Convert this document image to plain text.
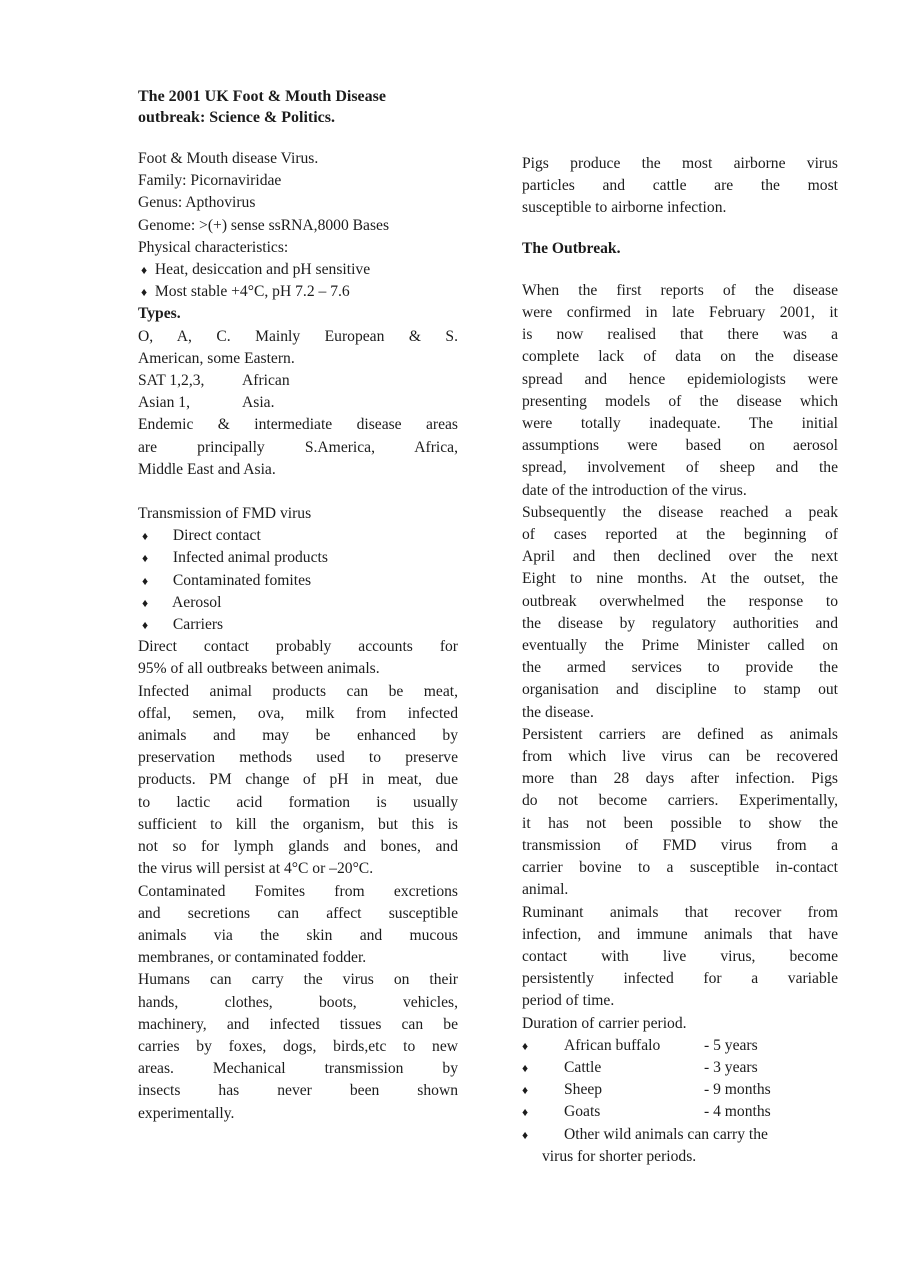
The 2001 UK Foot & Mouth Disease
outbreak: Science & Politics.
Foot & Mouth disease Virus.
Family: Picornaviridae
Genus: Apthovirus
Genome: >(+) sense ssRNA,8000 Bases
Physical characteristics:
♦ Heat, desiccation and pH sensitive
♦ Most stable +4°C, pH 7.2 – 7.6
Types.
O, A, C. Mainly European & S.
American, some Eastern.
SAT 1,2,3, African
Asian 1,	Asia.
Endemic & intermediate disease areas
are principally S.America, Africa,
Middle East and Asia.
Transmission of FMD virus
♦ Direct contact
♦ Infected animal products
♦ Contaminated fomites
♦ Aerosol
♦ Carriers
Direct contact probably accounts for
95% of all outbreaks between animals.
Infected animal products can be meat,
offal, semen, ova, milk from infected
animals and may be enhanced by
preservation methods used to preserve
products. PM change of pH in meat, due
to lactic acid formation is usually
sufficient to kill the organism, but this is
not so for lymph glands and bones, and
the virus will persist at 4°C or –20°C.
Contaminated Fomites from excretions
and secretions can affect susceptible
animals via the skin and mucous
membranes, or contaminated fodder.
Humans can carry the virus on their
hands, clothes, boots, vehicles,
machinery, and infected tissues can be
carries by foxes, dogs, birds,etc to new
areas. Mechanical transmission by
insects has never been shown
experimentally.
Pigs produce the most airborne virus
particles and cattle are the most
susceptible to airborne infection.
The Outbreak.
When the first reports of the disease
were confirmed in late February 2001, it
is now realised that there was a
complete lack of data on the disease
spread and hence epidemiologists were
presenting models of the disease which
were totally inadequate. The initial
assumptions were based on aerosol
spread, involvement of sheep and the
date of the introduction of the virus.
Subsequently the disease reached a peak
of cases reported at the beginning of
April and then declined over the next
Eight to nine months. At the outset, the
outbreak overwhelmed the response to
the disease by regulatory authorities and
eventually the Prime Minister called on
the armed services to provide the
organisation and discipline to stamp out
the disease.
Persistent carriers are defined as animals
from which live virus can be recovered
more than 28 days after infection. Pigs
do not become carriers. Experimentally,
it has not been possible to show the
transmission of FMD virus from a
carrier bovine to a susceptible in-contact
animal.
Ruminant animals that recover from
infection, and immune animals that have
contact with live virus, become
persistently infected for a variable
period of time.
Duration of carrier period.
♦	African buffalo	- 5 years
♦	Cattle	- 3 years
♦	Sheep	- 9 months
♦	Goats	- 4 months
♦	Other wild animals can carry the
virus for shorter periods.
